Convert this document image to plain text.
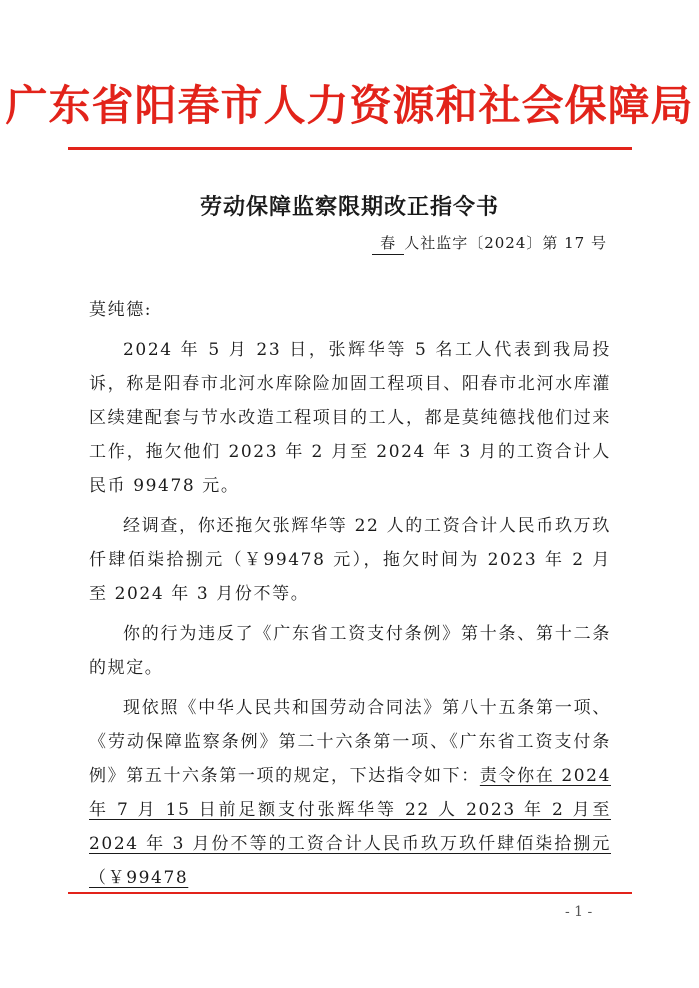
广东省阳春市人力资源和社会保障局
劳动保障监察限期改正指令书
春 人社监字〔2024〕第 17 号

莫纯德:

2024 年 5 月 23 日，张辉华等 5 名工人代表到我局投诉，称是阳春市北河水库除险加固工程项目、阳春市北河水库灌区续建配套与节水改造工程项目的工人，都是莫纯德找他们过来工作，拖欠他们 2023 年 2 月至 2024 年 3 月的工资合计人民币 99478 元。

经调查，你还拖欠张辉华等 22 人的工资合计人民币玖万玖仟肆佰柒拾捌元（￥99478 元），拖欠时间为 2023 年 2 月至 2024 年 3 月份不等。

你的行为违反了《广东省工资支付条例》第十条、第十二条的规定。

现依照《中华人民共和国劳动合同法》第八十五条第一项、《劳动保障监察条例》第二十六条第一项、《广东省工资支付条例》第五十六条第一项的规定，下达指令如下：责令你在 2024 年 7 月 15 日前足额支付张辉华等 22 人 2023 年 2 月至 2024 年 3 月份不等的工资合计人民币玖万玖仟肆佰柒拾捌元（￥99478

- 1 -
